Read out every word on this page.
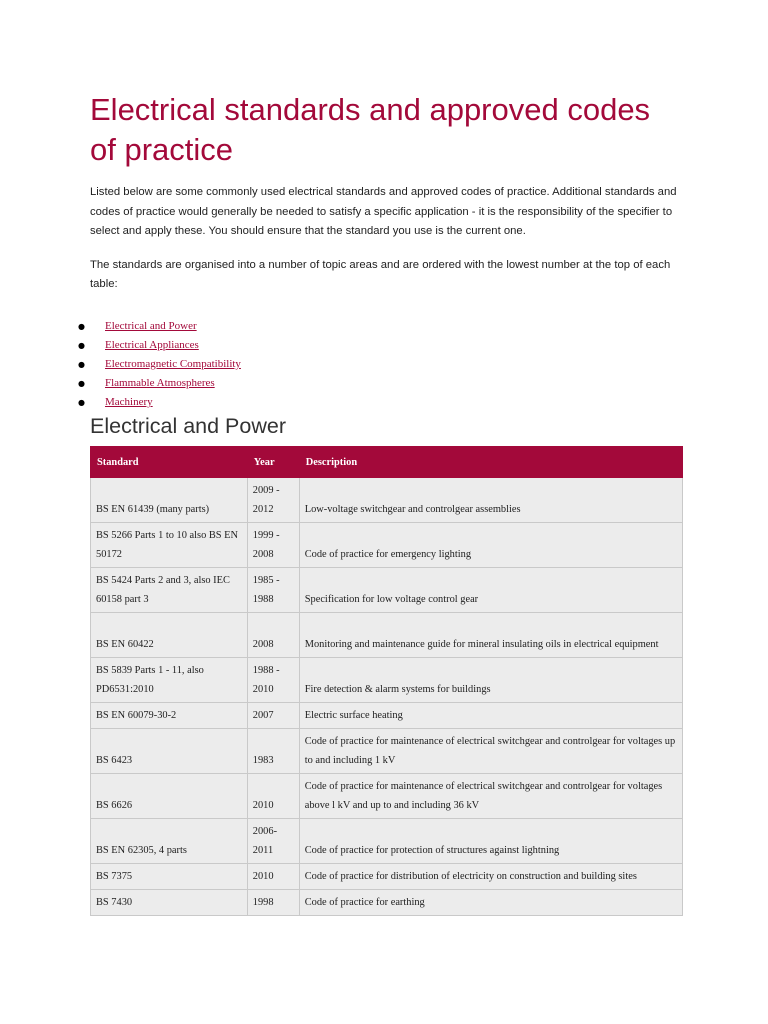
Electrical standards and approved codes of practice

Listed below are some commonly used electrical standards and approved codes of practice. Additional standards and codes of practice would generally be needed to satisfy a specific application - it is the responsibility of the specifier to select and apply these. You should ensure that the standard you use is the current one.

The standards are organised into a number of topic areas and are ordered with the lowest number at the top of each table:

● Electrical and Power
● Electrical Appliances
● Electromagnetic Compatibility
● Flammable Atmospheres
● Machinery
Electrical and Power
Standard	Year	Description
BS EN 61439 (many parts)	2009 - 2012	Low-voltage switchgear and controlgear assemblies
BS 5266 Parts 1 to 10 also BS EN 50172	1999 - 2008	Code of practice for emergency lighting
BS 5424 Parts 2 and 3, also IEC 60158 part 3	1985 - 1988	Specification for low voltage control gear
BS EN 60422	2008	Monitoring and maintenance guide for mineral insulating oils in electrical equipment
BS 5839 Parts 1 - 11, also PD6531:2010	1988 - 2010	Fire detection & alarm systems for buildings
BS EN 60079-30-2	2007	Electric surface heating
BS 6423	1983	Code of practice for maintenance of electrical switchgear and controlgear for voltages up to and including 1 kV
BS 6626	2010	Code of practice for maintenance of electrical switchgear and controlgear for voltages above l kV and up to and including 36 kV
BS EN 62305, 4 parts	2006-2011	Code of practice for protection of structures against lightning
BS 7375	2010	Code of practice for distribution of electricity on construction and building sites
BS 7430	1998	Code of practice for earthing
